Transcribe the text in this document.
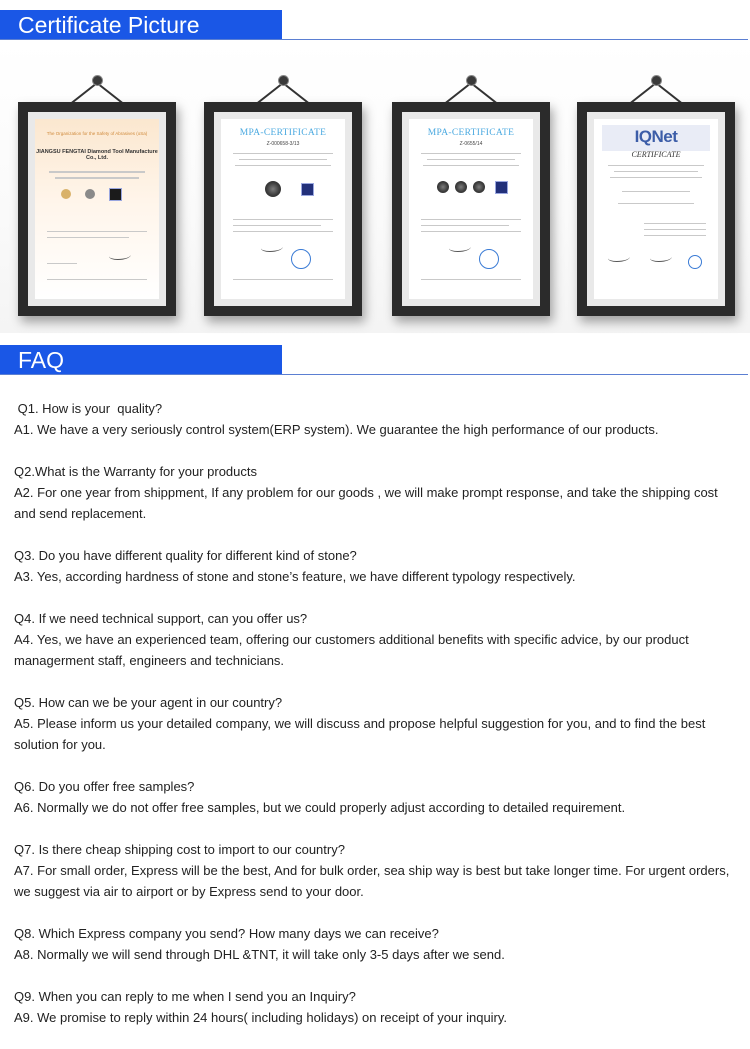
Certificate Picture
The Organization for the Safety of Abrasives (oSa)
JIANGSU FENGTAI Diamond Tool Manufacture Co., Ltd.
MPA-CERTIFICATE
Z-000658-3/13
MPA-CERTIFICATE
Z-0655/14	IQNet
CERTIFICATE
FAQ
Q1. How is your  quality?
A1. We have a very seriously control system(ERP system). We guarantee the high performance of our products.
Q2.What is the Warranty for your products
A2. For one year from shippment, If any problem for our goods , we will make prompt response, and take the shipping cost and send replacement.
Q3. Do you have different quality for different kind of stone?
A3. Yes, according hardness of stone and stone’s feature, we have different typology respectively.
Q4. If we need technical support, can you offer us?
A4. Yes, we have an experienced team, offering our customers additional benefits with specific advice, by our product managerment staff, engineers and technicians.
Q5. How can we be your agent in our country?
A5. Please inform us your detailed company, we will discuss and propose helpful suggestion for you, and to find the best solution for you.
Q6. Do you offer free samples?
A6. Normally we do not offer free samples, but we could properly adjust according to detailed requirement.
Q7. Is there cheap shipping cost to import to our country?
A7. For small order, Express will be the best, And for bulk order, sea ship way is best but take longer time. For urgent orders, we suggest via air to airport or by Express send to your door.
Q8. Which Express company you send? How many days we can receive?
A8. Normally we will send through DHL &TNT, it will take only 3-5 days after we send.
Q9. When you can reply to me when I send you an Inquiry?
A9. We promise to reply within 24 hours( including holidays) on receipt of your inquiry.
